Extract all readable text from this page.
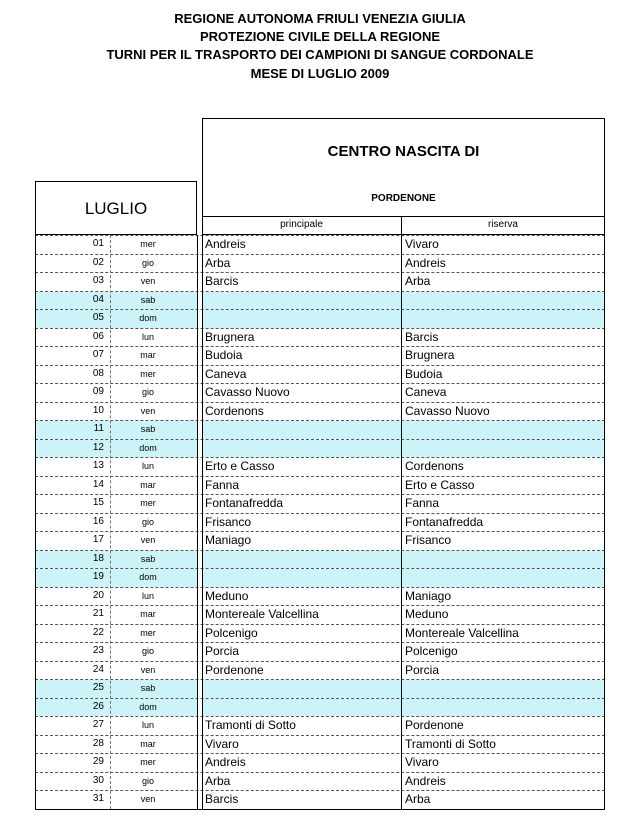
REGIONE AUTONOMA FRIULI VENEZIA GIULIA
PROTEZIONE CIVILE DELLA REGIONE
TURNI PER IL TRASPORTO DEI CAMPIONI DI SANGUE CORDONALE
MESE DI LUGLIO 2009
LUGLIO
CENTRO NASCITA DI
PORDENONE
principale	riserva
01	mer	Andreis	Vivaro
02	gio	Arba	Andreis
03	ven	Barcis	Arba
04	sab
05	dom
06	lun	Brugnera	Barcis
07	mar	Budoia	Brugnera
08	mer	Caneva	Budoia
09	gio	Cavasso Nuovo	Caneva
10	ven	Cordenons	Cavasso Nuovo
11	sab
12	dom
13	lun	Erto e Casso	Cordenons
14	mar	Fanna	Erto e Casso
15	mer	Fontanafredda	Fanna
16	gio	Frisanco	Fontanafredda
17	ven	Maniago	Frisanco
18	sab
19	dom
20	lun	Meduno	Maniago
21	mar	Montereale Valcellina	Meduno
22	mer	Polcenigo	Montereale Valcellina
23	gio	Porcia	Polcenigo
24	ven	Pordenone	Porcia
25	sab
26	dom
27	lun	Tramonti di Sotto	Pordenone
28	mar	Vivaro	Tramonti di Sotto
29	mer	Andreis	Vivaro
30	gio	Arba	Andreis
31	ven	Barcis	Arba
